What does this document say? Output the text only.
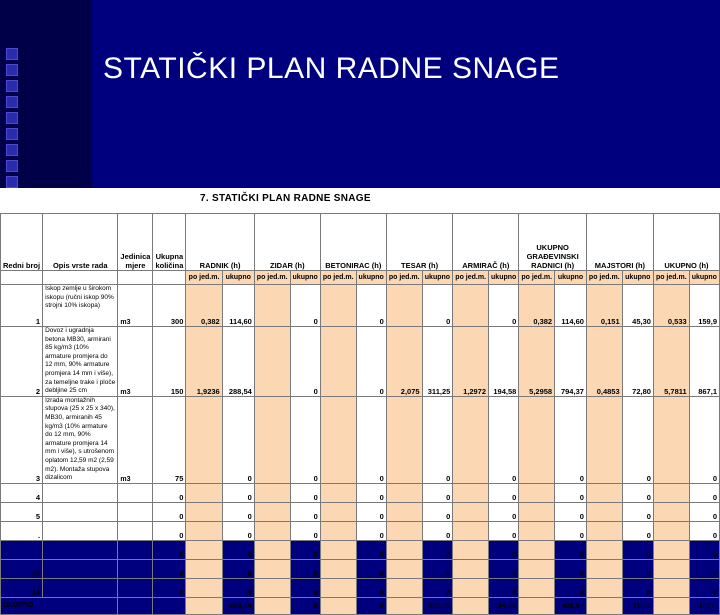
STATIČKI PLAN RADNE SNAGE
7. STATIČKI PLAN RADNE SNAGE
Redni broj	Opis vrste rada	Jedinica mjere	Ukupna količina	RADNIK (h)		ZIDAR (h)		BETONIRAC (h)		TESAR (h)		ARMIRAČ (h)		UKUPNO GRAĐEVINSKI RADNICI (h)		MAJSTORI (h)		UKUPNO (h)	
				po jed.m.	ukupno	po jed.m.	ukupno	po jed.m.	ukupno	po jed.m.	ukupno	po jed.m.	ukupno	po jed.m.	ukupno	po jed.m.	ukupno	po jed.m.	ukupno
1	Iskop zemlje u širokom iskopu (ručni iskop 90% strojni 10% iskopa)	m3	300	0,382	114,60		0		0		0		0	0,382	114,60	0,151	45,30	0,533	159,9
2	Dovoz i ugradnja betona MB30, armirani 85 kg/m3 (10% armature promjera do 12 mm, 90% armature promjera 14 mm i više), za temeljne trake i ploče debljine 25 cm	m3	150	1,9236	288,54		0		0	2,075	311,25	1,2972	194,58	5,2958	794,37	0,4853	72,80	5,7811	867,1
3	Izrada montažnih stupova (25 x 25 x 340), MB30, armiranih 45 kg/m3 (10% armature do 12 mm, 90% armature promjera 14 mm i više), s utrošenom oplatom 12,59 m2 (2,59 m2). Montaža stupova dizalicom	m3	75		0		0		0		0		0		0		0		0
4			0		0		0		0		0		0		0		0		0
5			0		0		0		0		0		0		0		0		0
.			0		0		0		0		0		0		0		0		0
			0		0		0		0		0		0		0		0		0
13			0		0		0		0		0		0		0		0		0
14			0		0		0		0		0		0		0		0		0
UKUPNO					403,14		0		0		311,25		194,58		908,97		118,1		1027,
